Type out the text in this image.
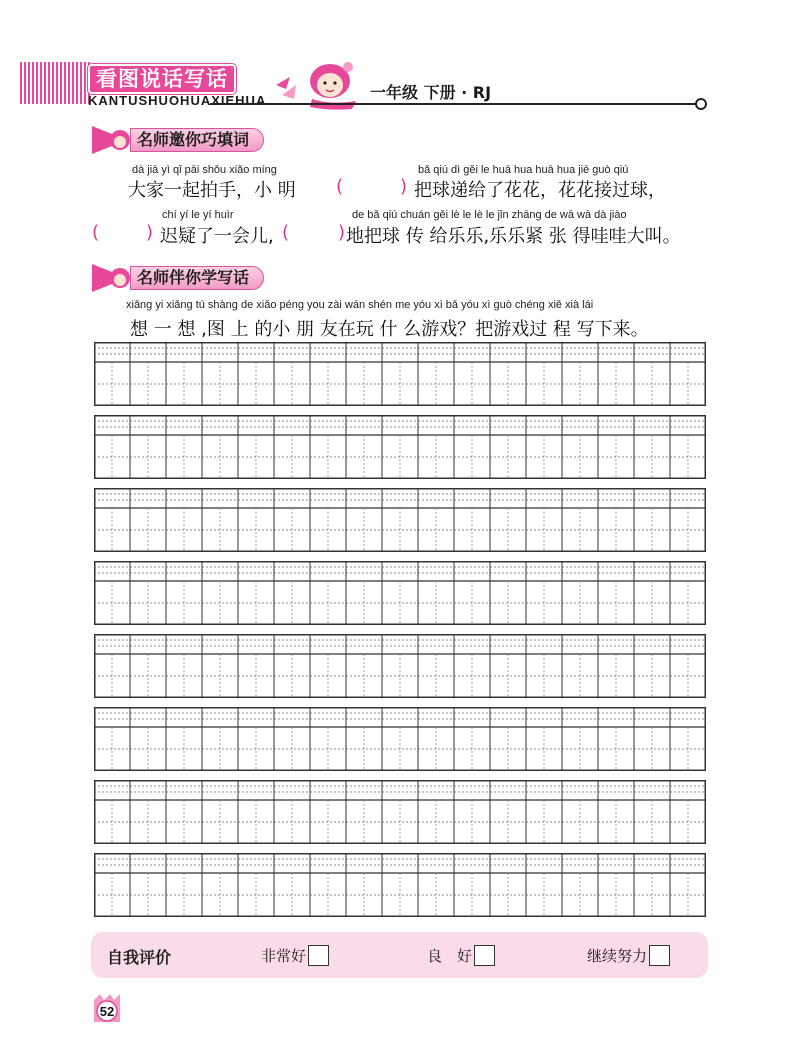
看图说话写话
KANTUSHUOHUAXIEHUA	一年级 下册 · RJ
名师邀你巧填词
dà jiā yì qǐ pāi shǒu xiǎo míng	bǎ qiú dì gěi le huā hua huā hua jiē guò qiú
大家一起拍手，小 明 (	) 把球递给了花花，花花接过球，
chí yí le yí huìr	de bǎ qiú chuán gěi lè le lè le jǐn zhāng de wā wā dà jiào
(	) 迟疑了一会儿, (	) 地把球 传 给乐乐,乐乐紧 张 得哇哇大叫。
名师伴你学写话
xiǎng yi xiǎng tú shàng de xiǎo péng you zài wán shén me yóu xì bǎ yóu xì guò chéng xiě xià lái
想 一 想 ,图 上 的小 朋 友在玩 什 么游戏？把游戏过 程 写下来。
自我评价	非常好	良　好	继续努力
52
